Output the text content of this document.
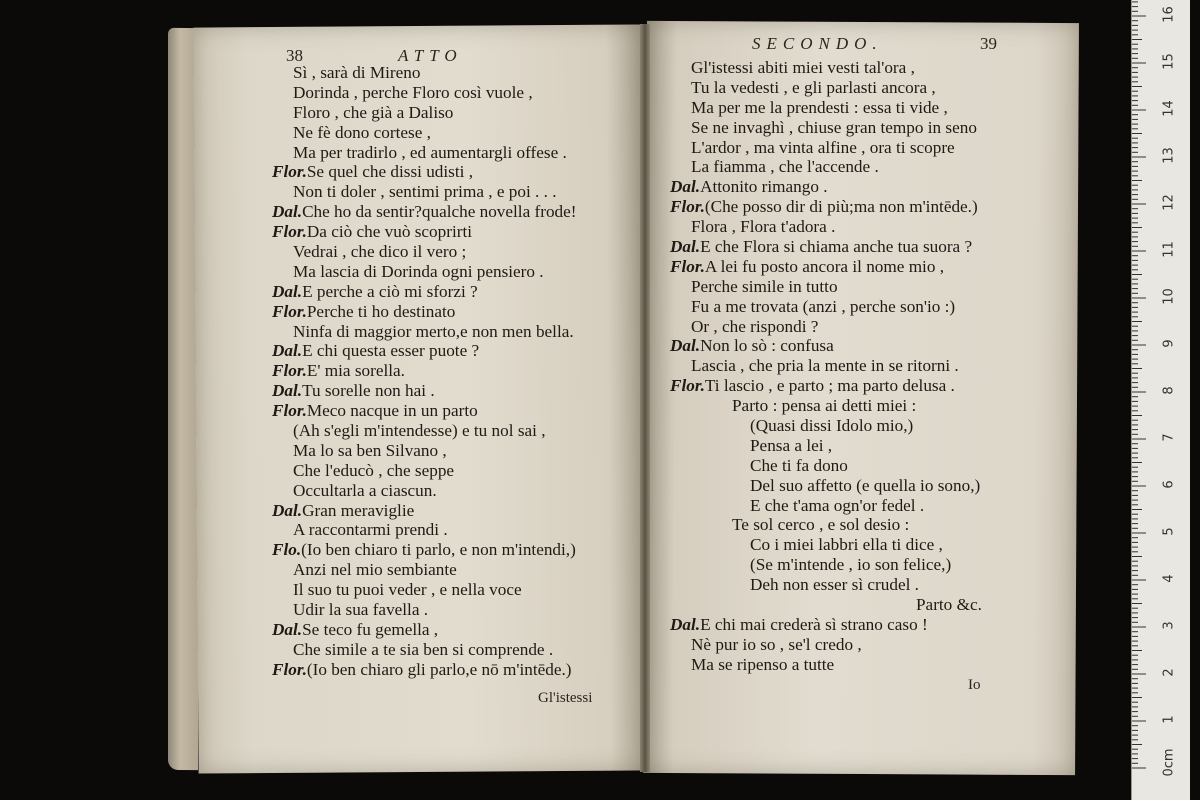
38	ATTO
Sì , sarà di Mireno
Dorinda , perche Floro così vuole ,
Floro , che già a Daliso
Ne fè dono cortese ,
Ma per tradirlo , ed aumentargli offese .
Flor.Se quel che dissi udisti ,
Non ti doler , sentimi prima , e poi . . .
Dal.Che ho da sentir?qualche novella frode!
Flor.Da ciò che vuò scoprirti
Vedrai , che dico il vero ;
Ma lascia di Dorinda ogni pensiero .
Dal.E perche a ciò mi sforzi ?
Flor.Perche ti ho destinato
Ninfa di maggior merto,e non men bella.
Dal.E chi questa esser puote ?
Flor.E' mia sorella.
Dal.Tu sorelle non hai .
Flor.Meco nacque in un parto
(Ah s'egli m'intendesse) e tu nol sai ,
Ma lo sa ben Silvano ,
Che l'educò , che seppe
Occultarla a ciascun.
Dal.Gran meraviglie
A raccontarmi prendi .
Flo.(Io ben chiaro ti parlo, e non m'intendi,)
Anzi nel mio sembiante
Il suo tu puoi veder , e nella voce
Udir la sua favella .
Dal.Se teco fu gemella ,
Che simile a te sia ben si comprende .
Flor.(Io ben chiaro gli parlo,e nō m'intēde.)
Gl'istessi
SECONDO.	39
Gl'istessi abiti miei vesti tal'ora ,
Tu la vedesti , e gli parlasti ancora ,
Ma per me la prendesti : essa ti vide ,
Se ne invaghì , chiuse gran tempo in seno
L'ardor , ma vinta alfine , ora ti scopre
La fiamma , che l'accende .
Dal.Attonito rimango .
Flor.(Che posso dir di più;ma non m'intēde.)
Flora , Flora t'adora .
Dal.E che Flora si chiama anche tua suora ?
Flor.A lei fu posto ancora il nome mio ,
Perche simile in tutto
Fu a me trovata (anzi , perche son'io :)
Or , che rispondi ?
Dal.Non lo sò : confusa
Lascia , che pria la mente in se ritorni .
Flor.Ti lascio , e parto ; ma parto delusa .
Parto : pensa ai detti miei :
(Quasi dissi Idolo mio,)
Pensa a lei ,
Che ti fa dono
Del suo affetto (e quella io sono,)
E che t'ama ogn'or fedel .
Te sol cerco , e sol desio :
Co i miei labbri ella ti dice ,
(Se m'intende , io son felice,)
Deh non esser sì crudel .
Parto &c.
Dal.E chi mai crederà sì strano caso !
Nè pur io so , se'l credo ,
Ma se ripenso a tutte
Io
0cm
1
2
3
4
5
6
7
8
9
10
11
12
13
14
15
16
